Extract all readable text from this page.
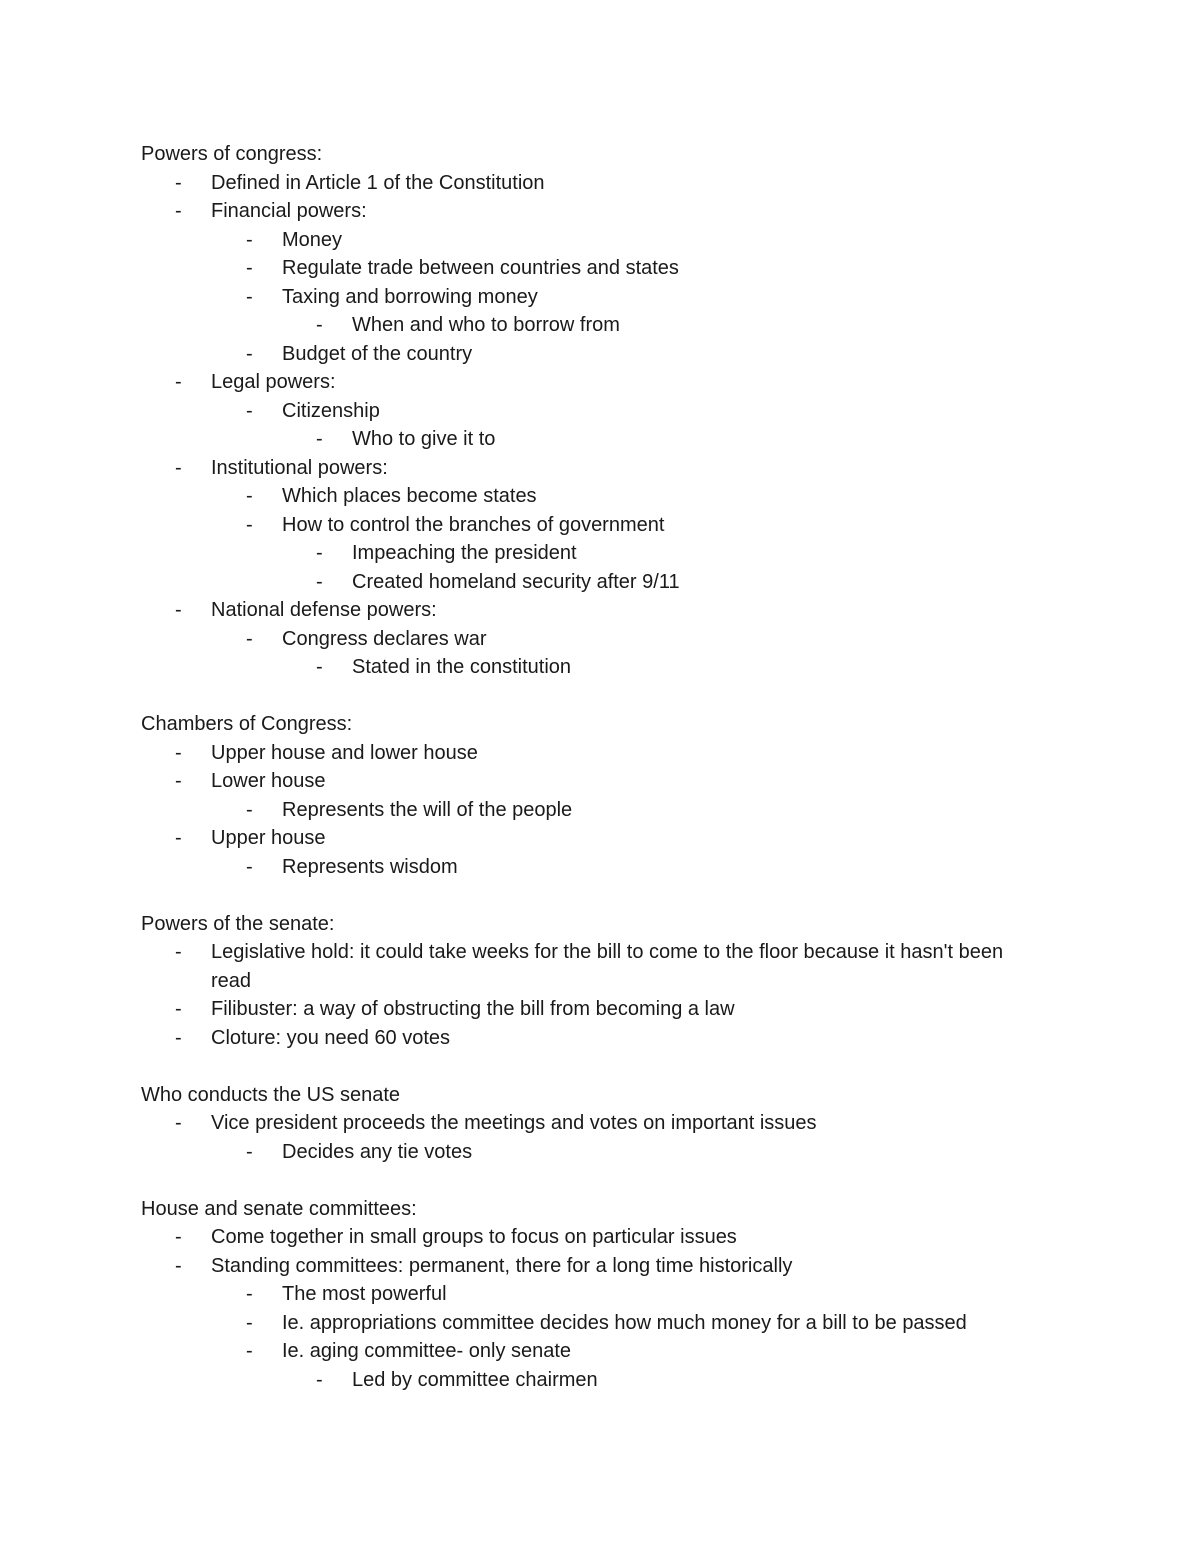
Powers of congress:
- Defined in Article 1 of the Constitution
- Financial powers:
- Money
- Regulate trade between countries and states
- Taxing and borrowing money
- When and who to borrow from
- Budget of the country
- Legal powers:
- Citizenship
- Who to give it to
- Institutional powers:
- Which places become states
- How to control the branches of government
- Impeaching the president
- Created homeland security after 9/11
- National defense powers:
- Congress declares war
- Stated in the constitution
Chambers of Congress:
- Upper house and lower house
- Lower house
- Represents the will of the people
- Upper house
- Represents wisdom
Powers of the senate:
- Legislative hold: it could take weeks for the bill to come to the floor because it hasn't been read
- Filibuster: a way of obstructing the bill from becoming a law
- Cloture: you need 60 votes
Who conducts the US senate
- Vice president proceeds the meetings and votes on important issues
- Decides any tie votes
House and senate committees:
- Come together in small groups to focus on particular issues
- Standing committees: permanent, there for a long time historically
- The most powerful
- Ie. appropriations committee decides how much money for a bill to be passed
- Ie. aging committee- only senate
- Led by committee chairmen
